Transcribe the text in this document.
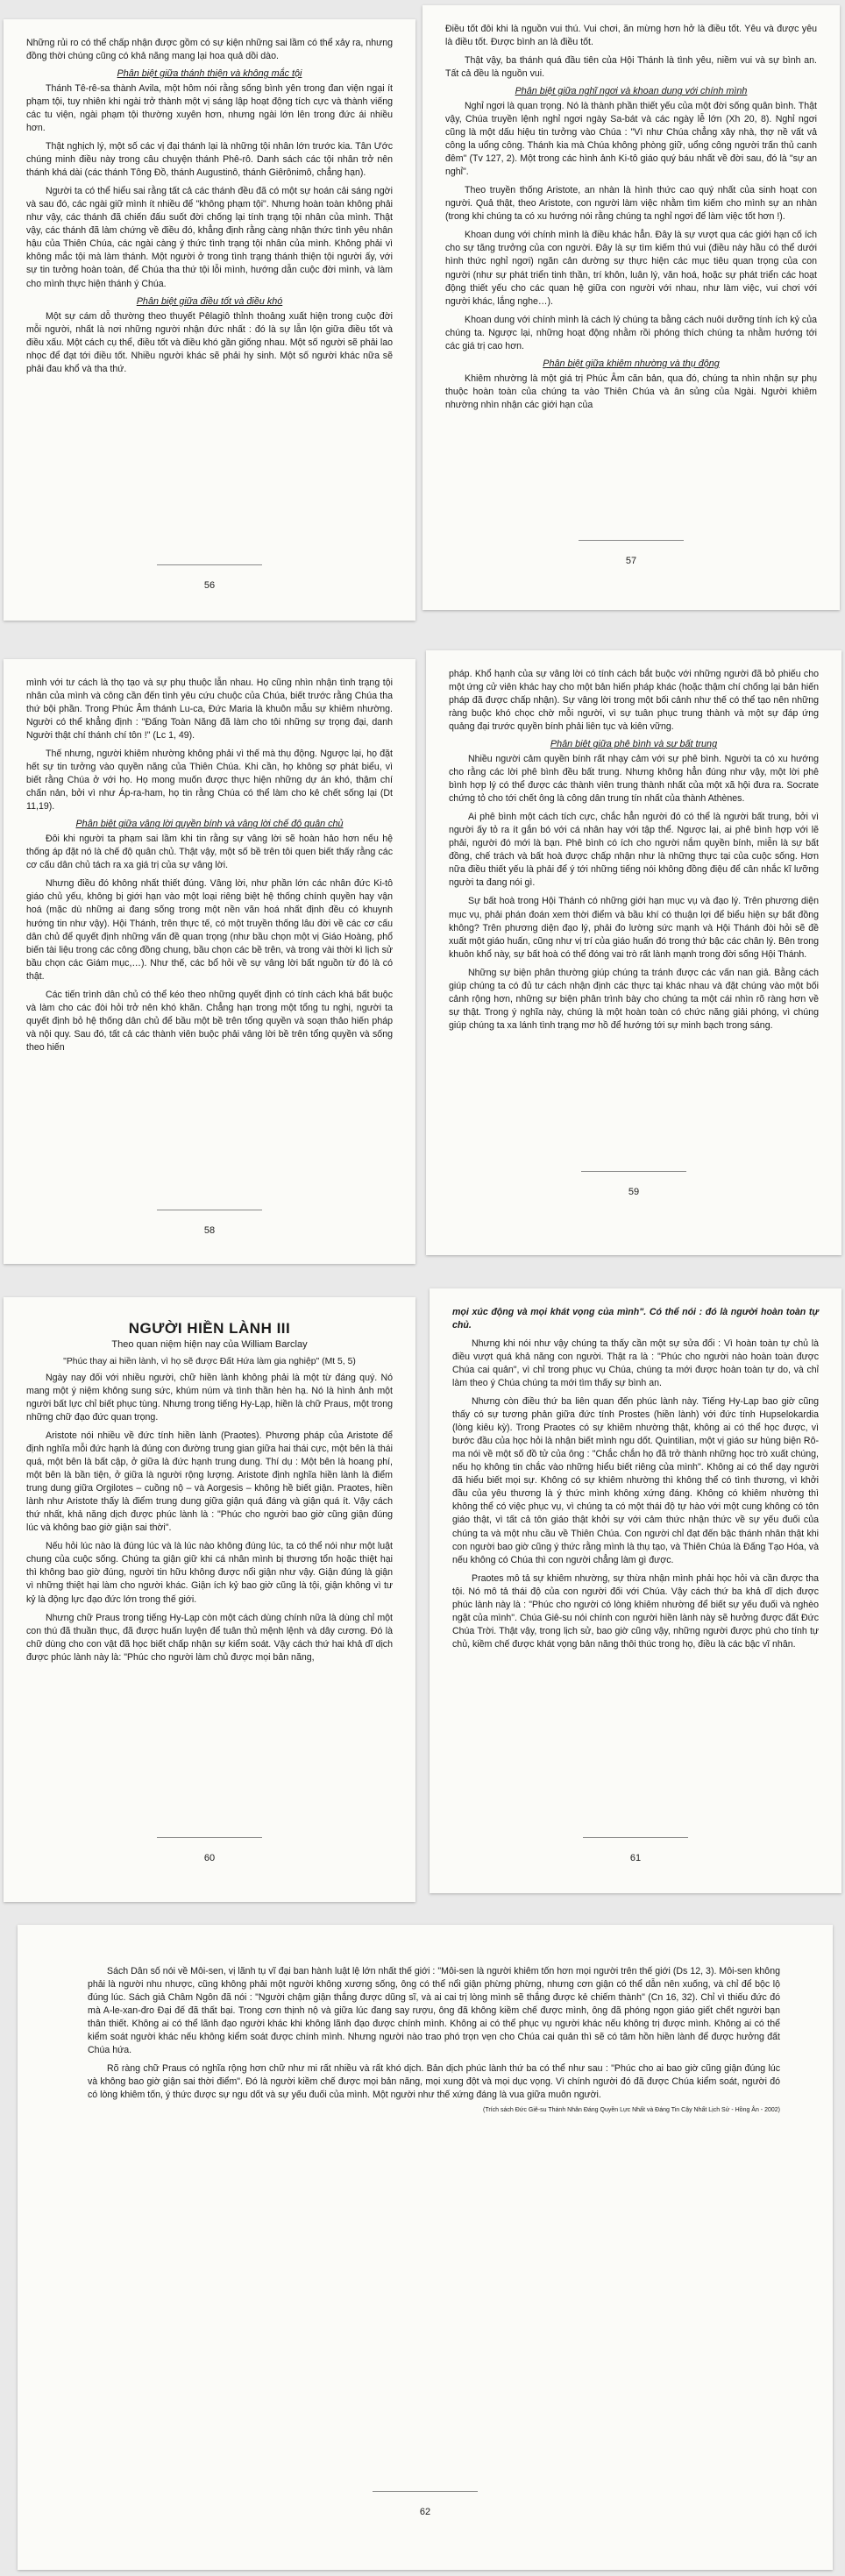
Những rủi ro có thể chấp nhận được gồm có sự kiện những sai lầm có thể xảy ra, nhưng đồng thời chúng cũng có khả năng mang lại hoa quả dồi dào.

Phân biệt giữa thánh thiện và không mắc tội

Thánh Tê-rê-sa thành Avila, một hôm nói rằng sống bình yên trong đan viện ngại ít phạm tội, tuy nhiên khi ngài trở thành một vị sáng lập hoạt động tích cực và thành viếng các tu viện, ngài phạm tội thường xuyên hơn, nhưng ngài lớn lên trong đức ái nhiều hơn.

Thật nghịch lý, một số các vị đại thánh lại là những tội nhân lớn trước kia. Tân Ước chúng minh điều này trong câu chuyện thánh Phê-rô. Danh sách các tội nhân trở nên thánh khá dài (các thánh Tông Đồ, thánh Augustinô, thánh Giêrônimô, chẳng hạn).

Người ta có thể hiểu sai rằng tất cả các thánh đều đã có một sự hoán cải sáng ngời và sau đó, các ngài giữ mình ít nhiều để "không phạm tội". Nhưng hoàn toàn không phải như vậy, các thánh đã chiến đấu suốt đời chống lại tính trạng tội nhân của mình. Thật vậy, các thánh đã làm chứng về điều đó, khẳng định rằng càng nhận thức tình yêu nhân hậu của Thiên Chúa, các ngài càng ý thức tình trạng tội nhân của mình. Không phải vì không mắc tội mà làm thánh. Một người ở trong tình trạng thánh thiện tội người ấy, với sự tin tưởng hoàn toàn, để Chúa tha thứ tội lỗi mình, hướng dẫn cuộc đời mình, và làm cho mình thực hiện thánh ý Chúa.

Phân biệt giữa điều tốt và điều khó

Một sự cám dỗ thường theo thuyết Pêlagiô thỉnh thoảng xuất hiện trong cuộc đời mỗi người, nhất là nơi những người nhận đức nhất : đó là sự lẫn lộn giữa điều tốt và điều xấu. Một cách cụ thể, điều tốt và điều khó gần giống nhau. Một số người sẽ phải lao nhọc để đạt tới điều tốt. Nhiều người khác sẽ phải hy sinh. Một số người khác nữa sẽ phải đau khổ và tha thứ.

56

Điều tốt đôi khi là nguồn vui thú. Vui chơi, ăn mừng hơn hở là điều tốt. Yêu và được yêu là điều tốt. Được bình an là điều tốt.

Thật vậy, ba thánh quá đầu tiên của Hội Thánh là tình yêu, niềm vui và sự bình an. Tất cả đều là nguồn vui.

Phân biệt giữa nghĩ ngơi và khoan dung với chính mình

Nghỉ ngơi là quan trọng. Nó là thành phần thiết yếu của một đời sống quân bình. Thật vậy, Chúa truyền lệnh nghỉ ngơi ngày Sa-bát và các ngày lễ lớn (Xh 20, 8). Nghỉ ngơi cũng là một dấu hiệu tin tưởng vào Chúa : "Vì như Chúa chẳng xây nhà, thợ nề vất vả công la uổng công. Thánh kia mà Chúa không phòng giữ, uổng công người trấn thủ canh đêm" (Tv 127, 2). Một trong các hình ảnh Ki-tô giáo quý báu nhất về đời sau, đó là "sự an nghỉ".

Theo truyền thống Aristote, an nhàn là hình thức cao quý nhất của sinh hoạt con người. Quả thật, theo Aristote, con người làm việc nhằm tìm kiếm cho mình sự an nhàn (trong khi chúng ta có xu hướng nói rằng chúng ta nghỉ ngơi để làm việc tốt hơn !).

Khoan dung với chính mình là điều khác hẳn. Đây là sự vượt qua các giới hạn cố ích cho sự tăng trưởng của con người. Đây là sự tìm kiếm thú vui (điều này hầu có thể dưới hình thức nghỉ ngơi) ngăn cản dường sự thực hiện các mục tiêu quan trọng của con người (như sự phát triển tinh thần, trí khôn, luân lý, văn hoá, hoặc sự phát triển các hoạt động thiết yếu cho các quan hệ giữa con người với nhau, như làm việc, vui chơi với người khác, lắng nghe…).

Khoan dung với chính mình là cách lý chúng ta bằng cách nuôi dưỡng tính ích kỷ của chúng ta. Ngược lại, những hoạt động nhằm rồi phóng thích chúng ta nhằm hướng tới các giá trị cao hơn.

Phân biệt giữa khiêm nhường và thụ động

Khiêm nhường là một giá trị Phúc Âm căn bản, qua đó, chúng ta nhìn nhận sự phụ thuộc hoàn toàn của chúng ta vào Thiên Chúa và ân sủng của Ngài. Người khiêm nhường nhìn nhận các giới hạn của

57

mình với tư cách là thọ tạo và sự phụ thuộc lẫn nhau. Họ cũng nhìn nhận tình trạng tội nhân của mình và công cần đến tình yêu cứu chuộc của Chúa, biết trước rằng Chúa tha thứ bội phần. Trong Phúc Âm thánh Lu-ca, Đức Maria là khuôn mẫu sự khiêm nhường. Người có thể khẳng định : "Đấng Toàn Năng đã làm cho tôi những sự trọng đại, danh Người thật chí thánh chí tôn !" (Lc 1, 49).

Thế nhưng, người khiêm nhường không phải vì thế mà thụ động. Ngược lại, họ đặt hết sự tin tưởng vào quyền năng của Thiên Chúa. Khi cần, họ không sợ phát biểu, vì biết rằng Chúa ở với họ. Họ mong muốn được thực hiện những dự án khó, thậm chí chấn nản, bởi vì như Áp-ra-ham, họ tin rằng Chúa có thể làm cho kẻ chết sống lại (Dt 11,19).

Phân biệt giữa vâng lời quyền bính và vâng lời chế độ quân chủ

Đôi khi người ta phạm sai lầm khi tin rằng sự vâng lời sẽ hoàn hảo hơn nếu hệ thống áp đặt nó là chế độ quân chủ. Thật vậy, một số bề trên tôi quen biết thấy rằng các cơ cấu dân chủ tách ra xa giá trị của sự vâng lời.

Nhưng điều đó không nhất thiết đúng. Vâng lời, như phần lớn các nhân đức Ki-tô giáo chủ yếu, không bị giới hạn vào một loại riêng biệt hệ thống chính quyền hay vận hoá (mặc dù những ai đang sống trong một nền văn hoá nhất định đều có khuynh hướng tin như vậy). Hội Thánh, trên thực tế, có một truyền thống lâu đời về các cơ cấu dân chủ để quyết định những vấn đề quan trọng (như bầu chọn một vị Giáo Hoàng, phổ biến tài liệu trong các công đồng chung, bầu chọn các bề trên, và trong vài thời kì lịch sử bầu chọn các Giám mục,…). Như thế, các bổ hỏi về sự vâng lời bất nguồn từ đó là có thật.

Các tiến trình dân chủ có thể kéo theo những quyết định có tính cách khá bất buộc và làm cho các đòi hỏi trở nên khó khăn. Chẳng hạn trong một tổng tu nghị, người ta quyết định bỏ hệ thống dân chủ để bầu một bề trên tổng quyền và soạn thảo hiến pháp và nội quy. Sau đó, tất cả các thành viên buộc phải vâng lời bề trên tổng quyền và sống theo hiến

58

pháp. Khổ hạnh của sự vâng lời có tính cách bắt buộc với những người đã bỏ phiếu cho một ứng cử viên khác hay cho một bản hiến pháp khác (hoặc thậm chí chống lại bản hiến pháp đã được chấp nhận). Sự vâng lời trong một bối cảnh như thế có thể tạo nên những ràng buộc khó chọc chờ mỗi người, vì sự tuân phục trung thành và một sự đáp ứng quảng đại trước quyền bính phải liên tục và kiên vững.

Phân biệt giữa phê bình và sự bất trung

Nhiều người cảm quyền bính rất nhạy cảm với sự phê bình. Người ta có xu hướng cho rằng các lời phê bình đều bất trung. Nhưng không hẳn đúng như vậy, một lời phê bình hợp lý có thể được các thành viên trung thành nhất của một xã hội đưa ra. Socrate chứng tỏ cho tới chết ông là công dân trung tín nhất của thành Athènes.

Ai phê bình một cách tích cực, chắc hẳn người đó có thể là người bất trung, bởi vì người ấy tỏ ra ít gắn bó với cá nhân hay với tập thể. Ngược lại, ai phê bình hợp với lẽ phải, người đó mới là bạn. Phê bình có ích cho người nắm quyền bính, miễn là sự bất đồng, chế trách và bất hoà được chấp nhận như là những thực tại của cuộc sống. Hơn nữa điều thiết yếu là phải để ý tới những tiếng nói không đồng điệu để cân nhắc kĩ lưỡng người ta đang nói gì.

Sự bất hoà trong Hội Thánh có những giới hạn mục vụ và đạo lý. Trên phương diện mục vụ, phải phán đoán xem thời điểm và bầu khí có thuận lợi để biểu hiện sự bất đồng không? Trên phương diện đạo lý, phải đo lường sức mạnh và Hội Thánh đòi hỏi sẽ đề xuất một giáo huấn, cũng như vị trí của giáo huấn đó trong thứ bậc các chân lý. Bên trong khuôn khổ này, sự bất hoà có thể đóng vai trò rất lành mạnh trong đời sống Hội Thánh.

Những sự biện phân thường giúp chúng ta tránh được các vấn nan giả. Bằng cách giúp chúng ta có đủ tư cách nhận định các thực tại khác nhau và đặt chúng vào một bối cảnh rộng hơn, những sự biện phân trình bày cho chúng ta một cái nhìn rõ ràng hơn về sự thật. Trong ý nghĩa này, chúng là một hoàn toàn có chức năng giải phóng, vì chúng giúp chúng ta xa lánh tình trạng mơ hồ để hướng tới sự minh bạch trong sáng.

59
NGƯỜI HIỀN LÀNH III
Theo quan niệm hiện nay của William Barclay
"Phúc thay ai hiền lành, vì họ sẽ được Đất Hứa làm gia nghiệp" (Mt 5, 5)

Ngày nay đối với nhiều người, chữ hiền lành không phải là một từ đáng quý. Nó mang một ý niệm không sung sức, khúm núm và tình thần hèn hạ. Nó là hình ảnh một người bất lực chỉ biết phục tùng. Nhưng trong tiếng Hy-Lạp, hiền là chữ Praus, một trong những chữ đạo đức quan trọng.

Aristote nói nhiều về đức tính hiền lành (Praotes). Phương pháp của Aristote để định nghĩa mỗi đức hạnh là đúng con đường trung gian giữa hai thái cực, một bên là thái quá, một bên là bất cập, ở giữa là đức hạnh trung dung. Thí dụ : Một bên là hoang phí, một bên là bần tiện, ở giữa là người rộng lượng. Aristote định nghĩa hiền lành là điểm trung dung giữa Orgilotes – cuồng nộ – và Aorgesis – không hề biết giận. Praotes, hiền lành như Aristote thấy là điểm trung dung giữa giận quá đáng và giận quá ít. Vậy cách thứ nhất, khả năng dịch được phúc lành là : "Phúc cho người bao giờ cũng giận đúng lúc và không bao giờ giận sai thời".

Nếu hỏi lúc nào là đúng lúc và là lúc nào không đúng lúc, ta có thể nói như một luật chung của cuộc sống. Chúng ta giận giữ khi cá nhân mình bị thương tổn hoặc thiệt hại thì không bao giờ đúng, người tin hữu không được nổi giận như vậy. Giận đúng là giận vì những thiệt hại làm cho người khác. Giận ích kỷ bao giờ cũng là tội, giận không vì tư kỷ là động lực đạo đức lớn trong thế giới.

Nhưng chữ Praus trong tiếng Hy-Lạp còn một cách dùng chính nữa là dùng chỉ một con thú đã thuần thục, đã được huấn luyện để tuân thủ mệnh lệnh và dây cương. Đó là chữ dùng cho con vật đã học biết chấp nhận sự kiểm soát. Vậy cách thứ hai khả dĩ dịch được phúc lành này là: "Phúc cho người làm chủ được mọi bản năng,

60

mọi xúc động và mọi khát vọng của mình". Có thể nói : đó là người hoàn toàn tự chủ.

Nhưng khi nói như vậy chúng ta thấy cần một sự sửa đổi : Vì hoàn toàn tự chủ là điều vượt quá khả năng con người. Thật ra là : "Phúc cho người nào hoàn toàn được Chúa cai quản", vì chỉ trong phục vụ Chúa, chúng ta mới được hoàn toàn tự do, và chỉ làm theo ý Chúa chúng ta mới tìm thấy sự bình an.

Nhưng còn điều thứ ba liên quan đến phúc lành này. Tiếng Hy-Lạp bao giờ cũng thấy có sự tương phản giữa đức tính Prostes (hiền lành) với đức tính Hupselokardia (lòng kiêu kỳ). Trong Praotes có sự khiêm nhường thật, không ai có thể học được, vì bước đầu của học hỏi là nhận biết mình ngu dốt. Quintilian, một vị giáo sư hùng biện Rô-ma nói về một số đồ tử của ông : "Chắc chắn họ đã trở thành những học trò xuất chúng, nếu họ không tin chắc vào những hiểu biết riêng của mình". Không ai có thể dạy người đã hiểu biết mọi sự. Không có sự khiêm nhường thì không thể có tình thương, vì khởi đầu của yêu thương là ý thức mình không xứng đáng. Không có khiêm nhường thì không thể có việc phục vụ, vì chúng ta có một thái độ tự hào với một cung không có tôn giáo thật, vì tất cả tôn giáo thật khởi sự với cảm thức nhận thức về sự yếu đuối của chúng ta và một nhu cầu về Thiên Chúa. Con người chỉ đạt đến bậc thánh nhân thật khi con người bao giờ cũng ý thức rằng mình là thụ tạo, và Thiên Chúa là Đấng Tạo Hóa, và nếu không có Chúa thì con người chẳng làm gì được.

Praotes mô tả sự khiêm nhường, sự thừa nhận mình phải học hỏi và cần được tha tội. Nó mô tả thái độ của con người đối với Chúa. Vậy cách thứ ba khả dĩ dịch được phúc lành này là : "Phúc cho người có lòng khiêm nhường để biết sự yếu đuối và nghèo ngặt của mình". Chúa Giê-su nói chính con người hiền lành này sẽ hưởng được đất Đức Chúa Trời. Thật vậy, trong lịch sử, bao giờ cũng vậy, những người được phú cho tính tự chủ, kiềm chế được khát vọng bản năng thôi thúc trong họ, điều là các bậc vĩ nhân.

61

Sách Dân số nói về Môi-sen, vị lãnh tụ vĩ đại ban hành luật lệ lớn nhất thế giới : "Môi-sen là người khiêm tốn hơn mọi người trên thế giới (Ds 12, 3). Môi-sen không phải là người nhu nhược, cũng không phải một người không xương sống, ông có thể nổi giận phừng phừng, nhưng cơn giận có thể dẫn nên xuống, và chỉ để bộc lộ đúng lúc. Sách giả Châm Ngôn đã nói : "Người chậm giận thắng được dũng sĩ, và ai cai trị lòng mình sẽ thắng được kẻ chiếm thành" (Cn 16, 32). Chỉ vì thiếu đức đó mà A-le-xan-đro Đại đế đã thất bại. Trong cơn thịnh nộ và giữa lúc đang say rượu, ông đã không kiềm chế được mình, ông đã phóng ngọn giáo giết chết người bạn thân thiết. Không ai có thể lãnh đạo người khác khi không lãnh đạo được chính mình. Không ai có thể phục vụ người khác nếu không trị được mình. Không ai có thể kiểm soát người khác nếu không kiểm soát được chính mình. Nhưng người nào trao phó trọn vẹn cho Chúa cai quản thì sẽ có tâm hồn hiền lành để được hưởng đất Chúa hứa.

Rõ ràng chữ Praus có nghĩa rộng hơn chữ như mi rất nhiều và rất khó dịch. Bản dịch phúc lành thứ ba có thể như sau : "Phúc cho ai bao giờ cũng giận đúng lúc và không bao giờ giận sai thời điểm". Đó là người kiềm chế được mọi bản năng, mọi xung đột và mọi dục vọng. Vì chính người đó đã được Chúa kiểm soát, người đó có lòng khiêm tốn, ý thức được sự ngu dốt và sự yếu đuối của mình. Một người như thế xứng đáng là vua giữa muôn người.

(Trích sách Đức Giê-su Thánh Nhân Đáng Quyền Lực Nhất và Đáng Tin Cậy Nhất Lịch Sử - Hồng Ân - 2002)
62
